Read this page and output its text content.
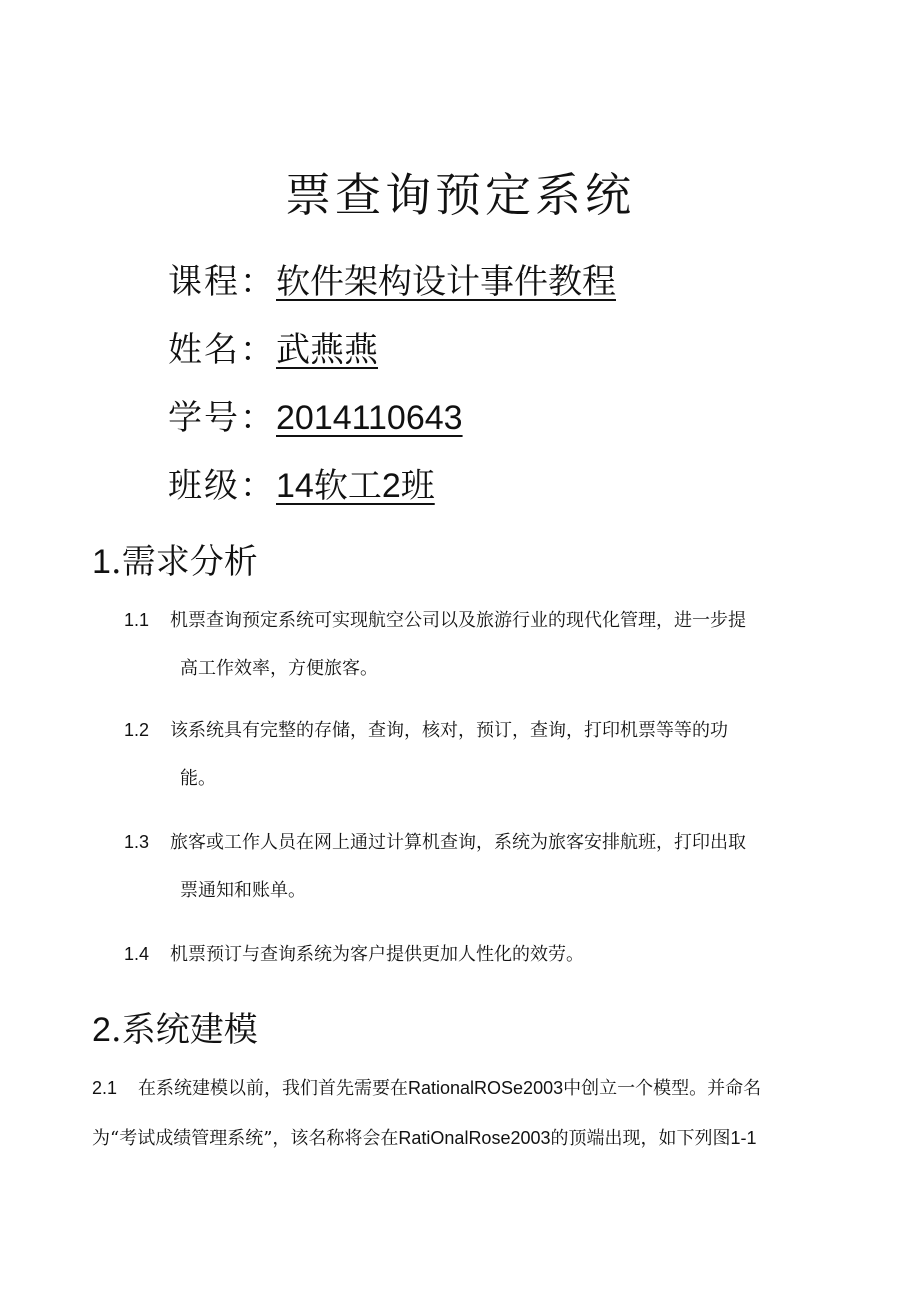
票查询预定系统
课程：软件架构设计事件教程
姓名：武燕燕
学号：2014110643
班级：14软工2班
1.需求分析
1.1 机票查询预定系统可实现航空公司以及旅游行业的现代化管理，进一步提
高工作效率，方便旅客。
1.2 该系统具有完整的存储，查询，核对，预订，查询，打印机票等等的功
能。
1.3 旅客或工作人员在网上通过计算机查询，系统为旅客安排航班，打印出取
票通知和账单。
1.4 机票预订与查询系统为客户提供更加人性化的效劳。
2.系统建模
2.1 在系统建模以前，我们首先需要在RationalROSe2003中创立一个模型。并命名
为“考试成绩管理系统”，该名称将会在RatiOnalRose2003的顶端出现，如下列图1-1
